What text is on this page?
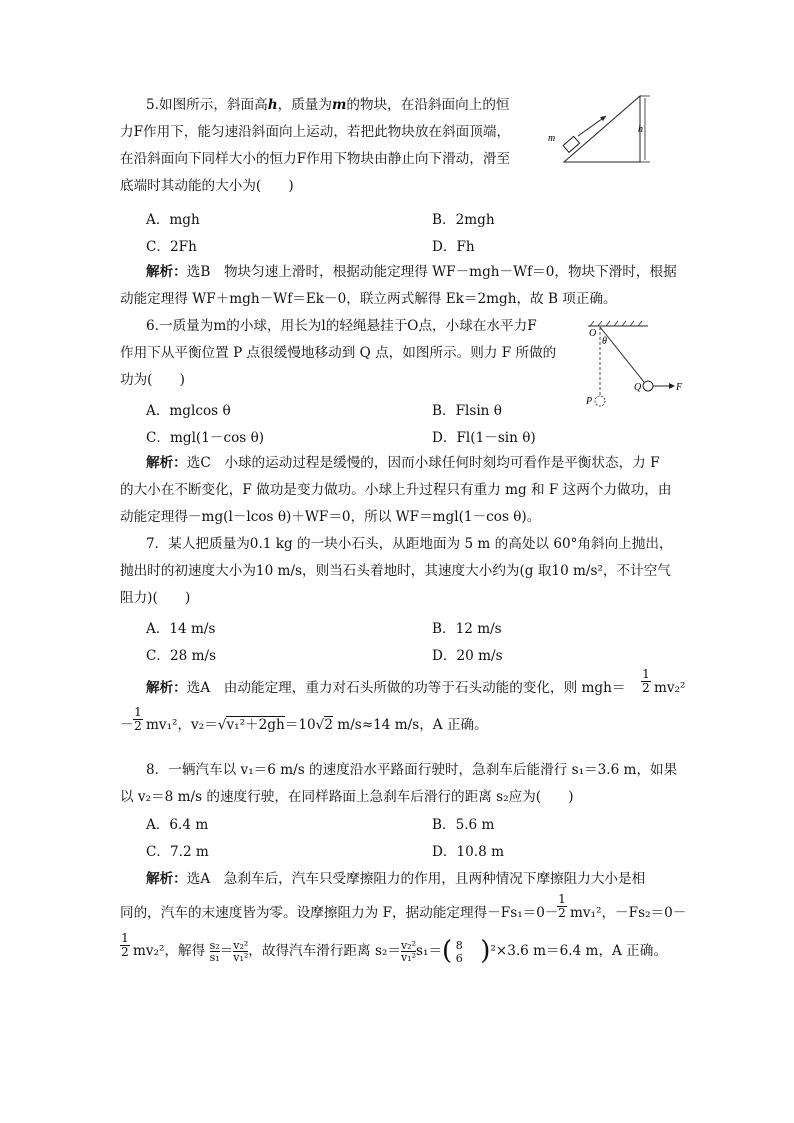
5.如图所示，斜面高h，质量为m的物块，在沿斜面向上的恒
力F作用下，能匀速沿斜面向上运动，若把此物块放在斜面顶端，
在沿斜面向下同样大小的恒力F作用下物块由静止向下滑动，滑至
底端时其动能的大小为(　　)
m
h
A．mgh	B．2mgh
C．2Fh	D．Fh
解析：选B　物块匀速上滑时，根据动能定理得 WF－mgh－Wf＝0，物块下滑时，根据
动能定理得 WF＋mgh－Wf＝Ek－0，联立两式解得 Ek＝2mgh，故 B 项正确。
6.一质量为m的小球，用长为l的轻绳悬挂于O点，小球在水平力F
作用下从平衡位置 P 点很缓慢地移动到 Q 点，如图所示。则力 F 所做的
功为(　　)
O
θ
Q	F
P
A．mglcos θ	B．Flsin θ
C．mgl(1－cos θ)	D．Fl(1－sin θ)
解析：选C　小球的运动过程是缓慢的，因而小球任何时刻均可看作是平衡状态，力 F
的大小在不断变化，F 做功是变力做功。小球上升过程只有重力 mg 和 F 这两个力做功，由
动能定理得－mg(l－lcos θ)＋WF＝0，所以 WF＝mgl(1－cos θ)。
7．某人把质量为0.1 kg 的一块小石头，从距地面为 5 m 的高处以 60°角斜向上抛出，
抛出时的初速度大小为10 m/s，则当石头着地时，其速度大小约为(g 取10 m/s²，不计空气
阻力)(　　)
A．14 m/s	B．12 m/s
C．28 m/s	D．20 m/s
解析：选A　由动能定理，重力对石头所做的功等于石头动能的变化，则 mgh＝	$\frac{1}{2} mv_2^2$
－ $\frac{1}{2} mv_1^2$，v₂＝√v₁²＋2gh＝10√2 m/s≈14 m/s，A 正确。
8．一辆汽车以 v₁＝6 m/s 的速度沿水平路面行驶时，急刹车后能滑行 s₁＝3.6 m，如果
以 v₂＝8 m/s 的速度行驶，在同样路面上急刹车后滑行的距离 s₂应为(　　)
A．6.4 m	B．5.6 m
C．7.2 m	D．10.8 m
解析：选A　急刹车后，汽车只受摩擦阻力的作用，且两种情况下摩擦阻力大小是相
同的，汽车的末速度皆为零。设摩擦阻力为 F，据动能定理得－Fs₁＝0－
$\frac{1}{2} mv_1^2$，－Fs₂＝0－
$\frac{1}{2} mv_2^2$，解得 $\frac{\text{s₂}}{\text{s₁}} = \frac{\text{v₂²}}{\text{v₁²}}$ ，故得汽车滑行距离 $s_2= \frac{\text{v₂²}}{\text{v₁²}} s_1=$( 8
6 )²×3.6 m＝6.4 m，A 正确。
